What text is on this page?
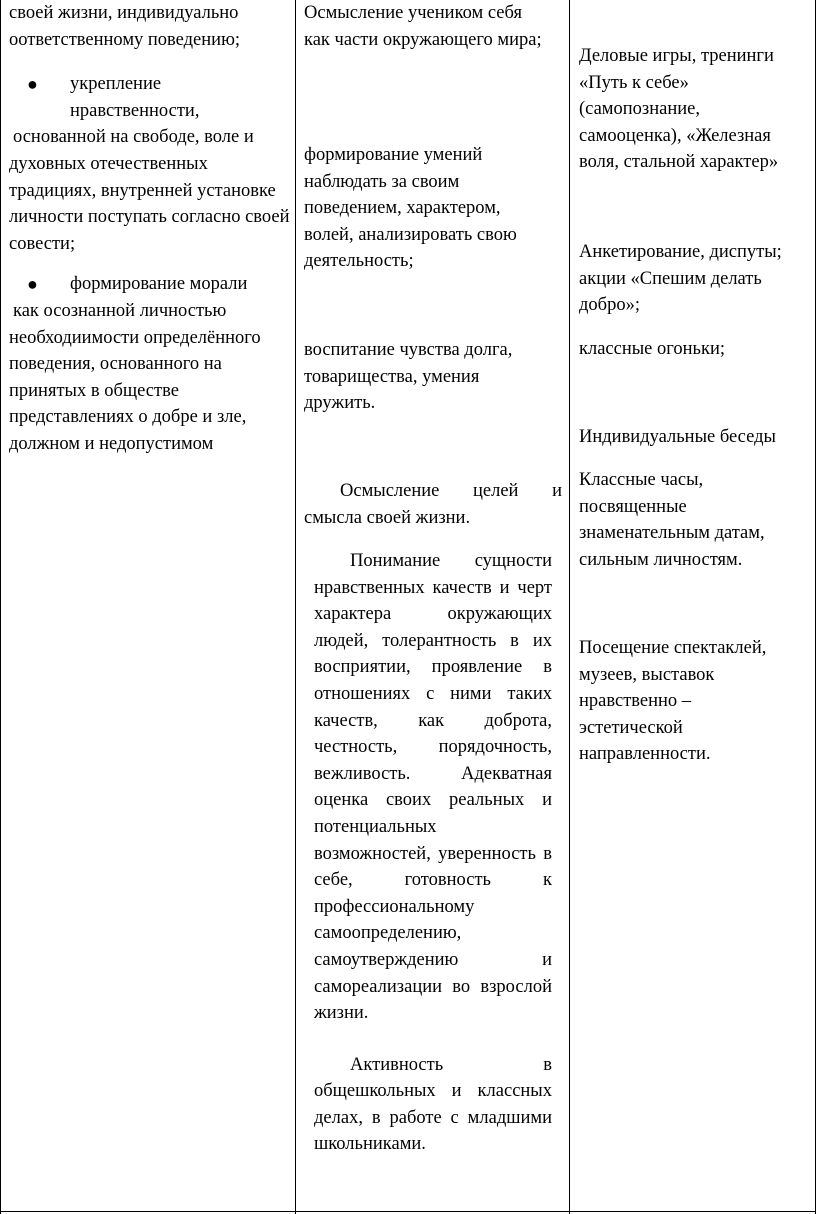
своей жизни, индивидуально

оответственному поведению;

● укрепление нравственности,

основанной на свободе, воле и духовных отечественных традициях, внутренней установке личности поступать согласно своей совести;

● формирование морали

как осознанной личностью необходиимости определённого поведения, основанного на принятых в обществе представлениях о добре и зле, должном и недопустимом

Осмысление учеником себя как части окружающего мира;

формирование умений наблюдать за своим поведением, характером, волей, анализировать свою деятельность;

воспитание чувства долга, товарищества, умения дружить.

Осмысление целей и смысла своей жизни.

Понимание сущности нравственных качеств и черт характера окружающих людей, толерантность в их восприятии, проявление в отношениях с ними таких качеств, как доброта, честность, порядочность, вежливость. Адекватная оценка своих реальных и потенциальных возможностей, уверенность в себе, готовность к профессиональному самоопределению, самоутверждению и самореализации во взрослой жизни.

Активность в общешкольных и классных делах, в работе с младшими школьниками.

Деловые игры, тренинги «Путь к себе» (самопознание, самооценка), «Железная воля, стальной характер»

Анкетирование, диспуты; акции «Спешим делать добро»;

классные огоньки;

Индивидуальные беседы

Классные часы, посвященные знаменательным датам, сильным личностям.

Посещение спектаклей, музеев, выставок нравственно – эстетической направленности.
